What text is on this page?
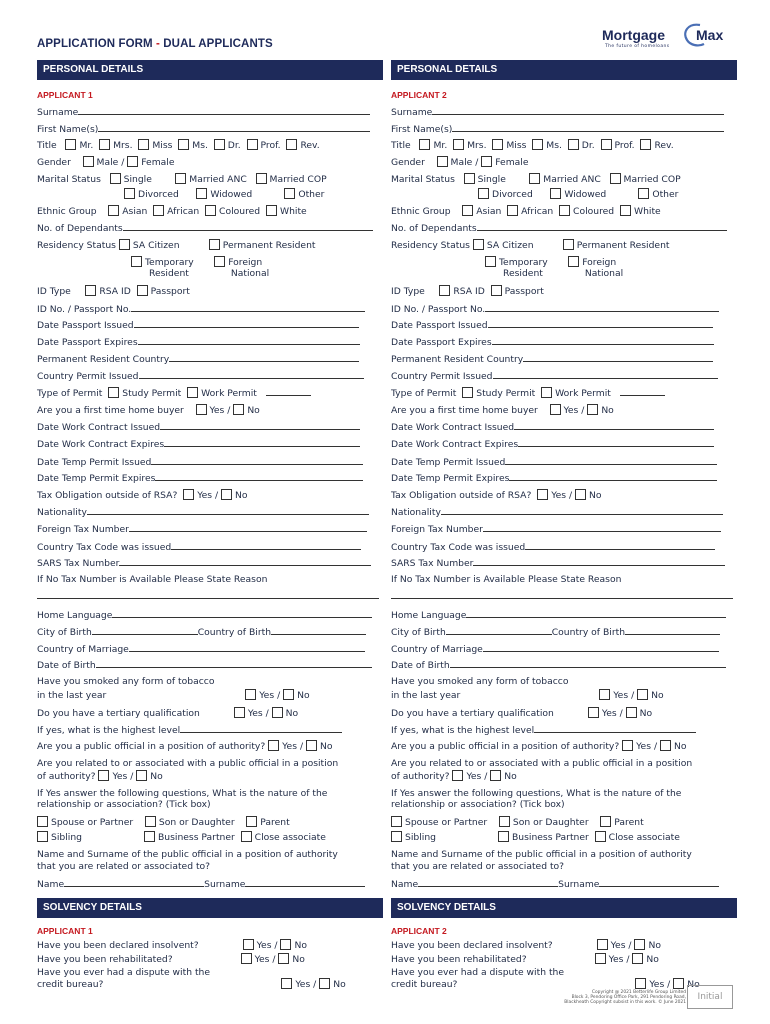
APPLICATION FORM - DUAL APPLICANTS
Mortgage Max
The future of homeloans
PERSONAL DETAILS
APPLICANT 1
Surname
First Name(s)
Title Mr. Mrs. Miss Ms. Dr. Prof. Rev.
Gender	Male / Female
Marital Status Single	Married ANC Married COP
Divorced	Widowed	Other
Ethnic Group	Asian African Coloured White
No. of Dependants
Residency Status SA Citizen	Permanent Resident
Temporary	Foreign
Resident	National
ID Type	RSA ID Passport
ID No. / Passport No.
Date Passport Issued
Date Passport Expires
Permanent Resident Country
Country Permit Issued
Type of Permit Study Permit Work Permit
Are you a first time home buyer	Yes / No
Date Work Contract Issued
Date Work Contract Expires
Date Temp Permit Issued
Date Temp Permit Expires
Tax Obligation outside of RSA? Yes / No
Nationality
Foreign Tax Number
Country Tax Code was issued
SARS Tax Number
If No Tax Number is Available Please State Reason
Home Language
City of Birth	Country of Birth
Country of Marriage
Date of Birth
Have you smoked any form of tobacco
in the last year	Yes / No
Do you have a tertiary qualification	Yes / No
If yes, what is the highest level
Are you a public official in a position of authority? Yes / No
Are you related to or associated with a public official in a position
of authority? Yes / No
If Yes answer the following questions, What is the nature of the
relationship or association? (Tick box)
Spouse or Partner	Son or Daughter	Parent
Sibling	Business Partner Close associate
Name and Surname of the public official in a position of authority
that you are related or associated to?
Name	Surname
SOLVENCY DETAILS
APPLICANT 1
Have you been declared insolvent?	Yes / No
Have you been rehabilitated?	Yes / No
Have you ever had a dispute with the
credit bureau?	Yes / No
PERSONAL DETAILS
APPLICANT 2
Surname
First Name(s)
Title Mr. Mrs. Miss Ms. Dr. Prof. Rev.
Gender	Male / Female
Marital Status Single	Married ANC Married COP
Divorced	Widowed	Other
Ethnic Group	Asian African Coloured White
No. of Dependants
Residency Status SA Citizen	Permanent Resident
Temporary	Foreign
Resident	National
ID Type	RSA ID Passport
ID No. / Passport No.
Date Passport Issued
Date Passport Expires
Permanent Resident Country
Country Permit Issued
Type of Permit Study Permit Work Permit
Are you a first time home buyer	Yes / No
Date Work Contract Issued
Date Work Contract Expires
Date Temp Permit Issued
Date Temp Permit Expires
Tax Obligation outside of RSA? Yes / No
Nationality
Foreign Tax Number
Country Tax Code was issued
SARS Tax Number
If No Tax Number is Available Please State Reason
Home Language
City of Birth	Country of Birth
Country of Marriage
Date of Birth
Have you smoked any form of tobacco
in the last year	Yes / No
Do you have a tertiary qualification	Yes / No
If yes, what is the highest level
Are you a public official in a position of authority? Yes / No
Are you related to or associated with a public official in a position
of authority? Yes / No
If Yes answer the following questions, What is the nature of the
relationship or association? (Tick box)
Spouse or Partner	Son or Daughter	Parent
Sibling	Business Partner Close associate
Name and Surname of the public official in a position of authority
that you are related or associated to?
Name	Surname
SOLVENCY DETAILS
APPLICANT 2
Have you been declared insolvent?	Yes / No
Have you been rehabilitated?	Yes / No
Have you ever had a dispute with the
credit bureau?	Yes / No
Copyright @ 2021 Betterlife Group Limited
Block 3, Pendoring Office Park, 291 Pendoring Road,
Blackheath Copyright subsist in this work. © June 2021
Initial
